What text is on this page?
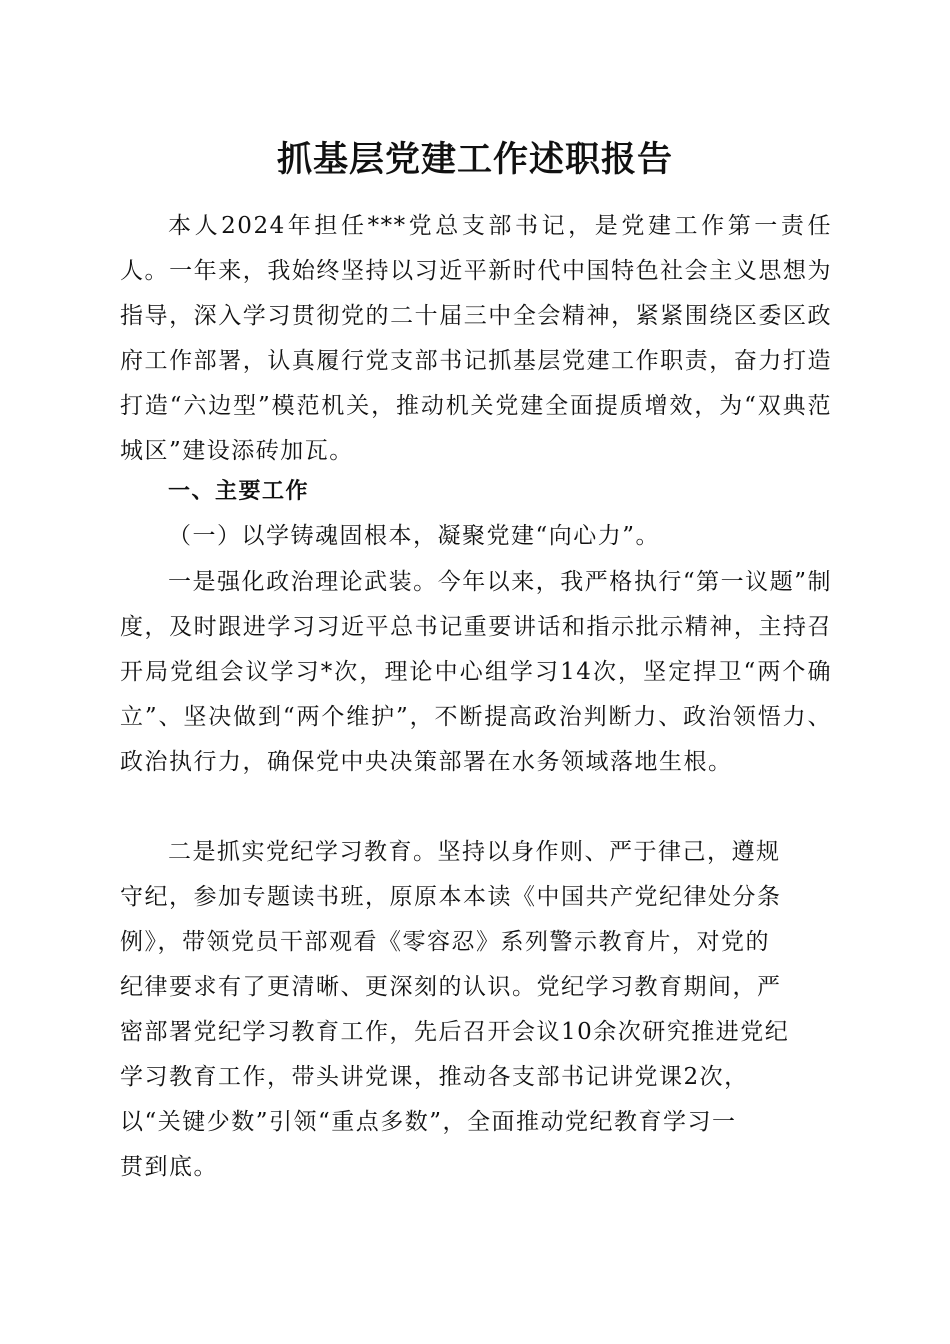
抓基层党建工作述职报告

本人2024年担任***党总支部书记，是党建工作第一责任人。一年来，我始终坚持以习近平新时代中国特色社会主义思想为指导，深入学习贯彻党的二十届三中全会精神，紧紧围绕区委区政府工作部署，认真履行党支部书记抓基层党建工作职责，奋力打造打造“六边型”模范机关，推动机关党建全面提质增效，为“双典范城区”建设添砖加瓦。

一、主要工作
（一）以学铸魂固根本，凝聚党建“向心力”。

一是强化政治理论武装。今年以来，我严格执行“第一议题”制度，及时跟进学习习近平总书记重要讲话和指示批示精神，主持召开局党组会议学习*次，理论中心组学习14次，坚定捍卫“两个确立”、坚决做到“两个维护”，不断提高政治判断力、政治领悟力、政治执行力，确保党中央决策部署在水务领域落地生根。

二是抓实党纪学习教育。坚持以身作则、严于律己，遵规
守纪，参加专题读书班，原原本本读《中国共产党纪律处分条
例》，带领党员干部观看《零容忍》系列警示教育片，对党的
纪律要求有了更清晰、更深刻的认识。党纪学习教育期间，严
密部署党纪学习教育工作，先后召开会议10余次研究推进党纪
学习教育工作，带头讲党课，推动各支部书记讲党课2次，
以“关键少数”引领“重点多数”，全面推动党纪教育学习一
贯到底。
